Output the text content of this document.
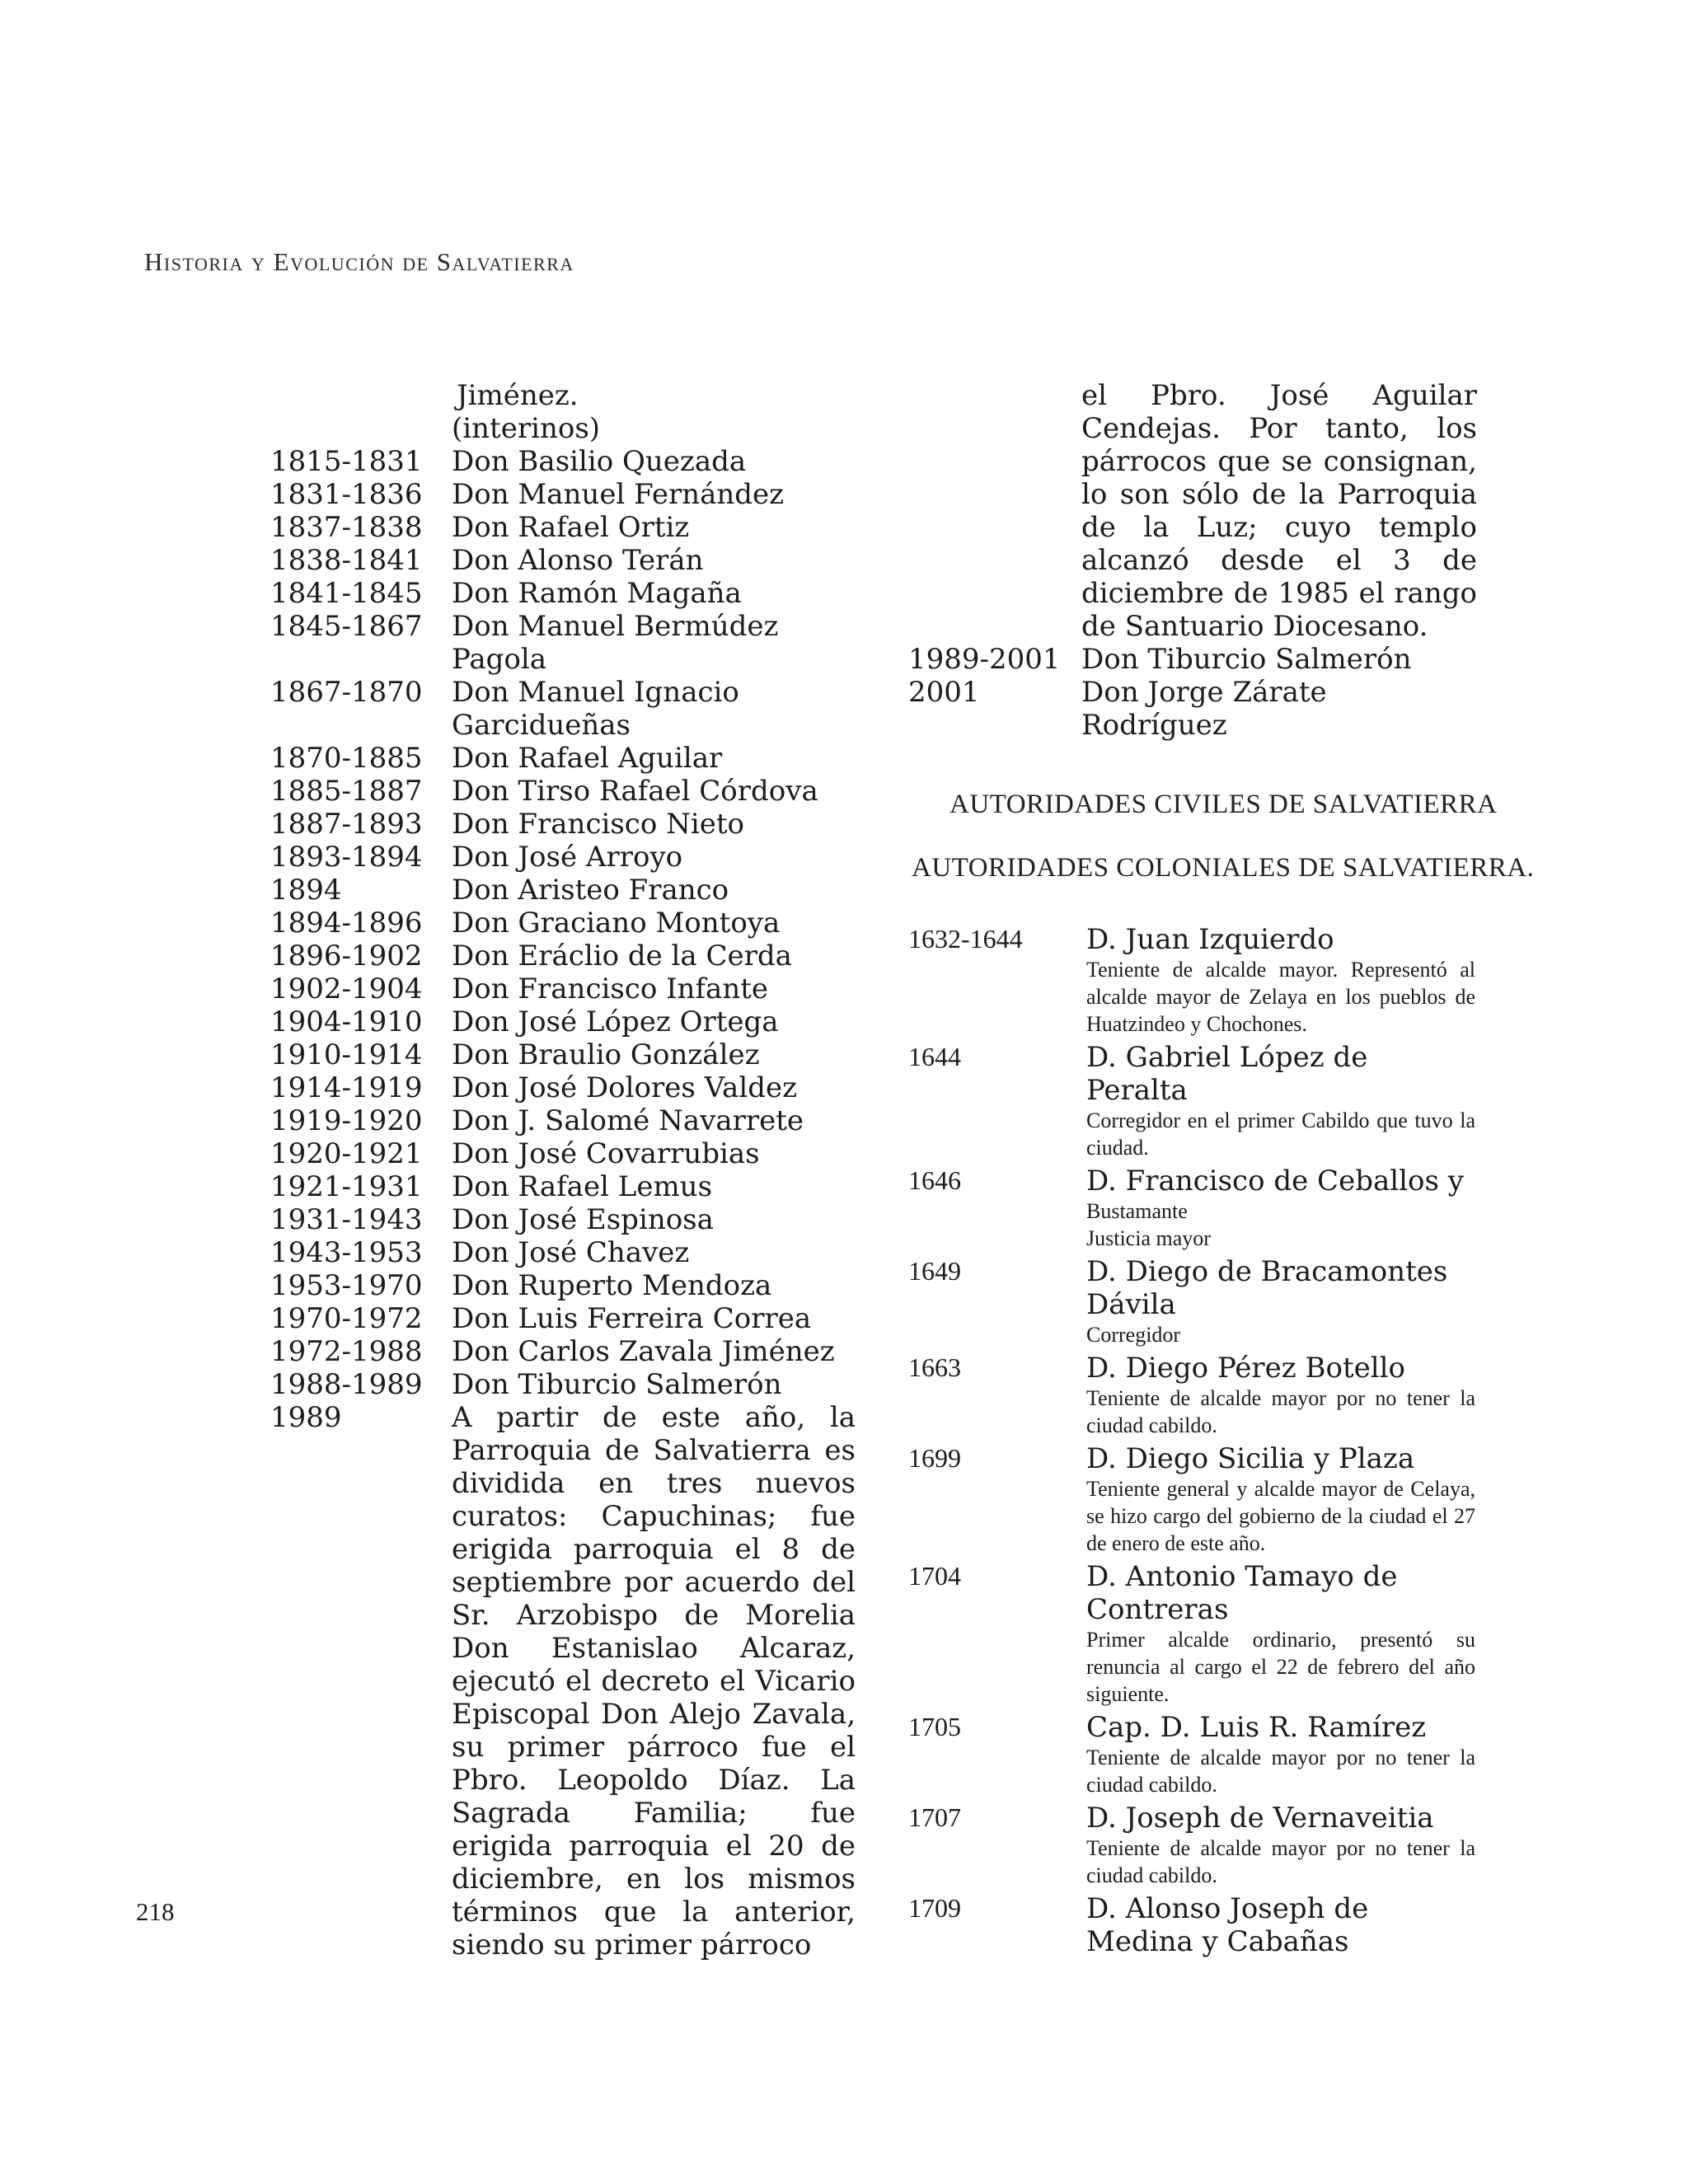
Historia y Evolución de Salvatierra
Jiménez.
(interinos)
1815-1831 Don Basilio Quezada
1831-1836 Don Manuel Fernández
1837-1838 Don Rafael Ortiz
1838-1841 Don Alonso Terán
1841-1845 Don Ramón Magaña
1845-1867 Don Manuel Bermúdez Pagola
1867-1870 Don Manuel Ignacio Garcidueñas
1870-1885 Don Rafael Aguilar
1885-1887 Don Tirso Rafael Córdova
1887-1893 Don Francisco Nieto
1893-1894 Don José Arroyo
1894	Don Aristeo Franco
1894-1896 Don Graciano Montoya
1896-1902 Don Eráclio de la Cerda
1902-1904 Don Francisco Infante
1904-1910 Don José López Ortega
1910-1914 Don Braulio González
1914-1919 Don José Dolores Valdez
1919-1920 Don J. Salomé Navarrete
1920-1921 Don José Covarrubias
1921-1931 Don Rafael Lemus
1931-1943 Don José Espinosa
1943-1953 Don José Chavez
1953-1970 Don Ruperto Mendoza
1970-1972 Don Luis Ferreira Correa
1972-1988 Don Carlos Zavala Jiménez
1988-1989 Don Tiburcio Salmerón
1989	A partir de este año, la Parroquia de Salvatierra es dividida en tres nuevos curatos: Capuchinas; fue erigida parroquia el 8 de septiembre por acuerdo del Sr. Arzobispo de Morelia Don Estanislao Alcaraz, ejecutó el decreto el Vicario Episcopal Don Alejo Zavala, su primer párroco fue el Pbro. Leopoldo Díaz. La Sagrada Familia; fue erigida parroquia el 20 de diciembre, en los mismos términos que la anterior, siendo su primer párroco
el Pbro. José Aguilar Cendejas. Por tanto, los párrocos que se consignan, lo son sólo de la Parroquia de la Luz; cuyo templo alcanzó desde el 3 de diciembre de 1985 el rango de Santuario Diocesano.
1989-2001 Don Tiburcio Salmerón
2001	Don Jorge Zárate Rodríguez
AUTORIDADES CIVILES DE SALVATIERRA
AUTORIDADES COLONIALES DE SALVATIERRA.
1632-1644 D. Juan Izquierdo
Teniente de alcalde mayor. Representó al alcalde mayor de Zelaya en los pueblos de Huatzindeo y Chochones.
1644	D. Gabriel López de Peralta
Corregidor en el primer Cabildo que tuvo la ciudad.
1646	D. Francisco de Ceballos y
Bustamante
Justicia mayor
1649	D. Diego de Bracamontes Dávila
Corregidor
1663	D. Diego Pérez Botello
Teniente de alcalde mayor por no tener la ciudad cabildo.
1699	D. Diego Sicilia y Plaza
Teniente general y alcalde mayor de Celaya, se hizo cargo del gobierno de la ciudad el 27 de enero de este año.
1704	D. Antonio Tamayo de Contreras
Primer alcalde ordinario, presentó su renuncia al cargo el 22 de febrero del año siguiente.
1705	Cap. D. Luis R. Ramírez
Teniente de alcalde mayor por no tener la ciudad cabildo.
1707	D. Joseph de Vernaveitia
Teniente de alcalde mayor por no tener la ciudad cabildo.
1709	D. Alonso Joseph de Medina y Cabañas
218
